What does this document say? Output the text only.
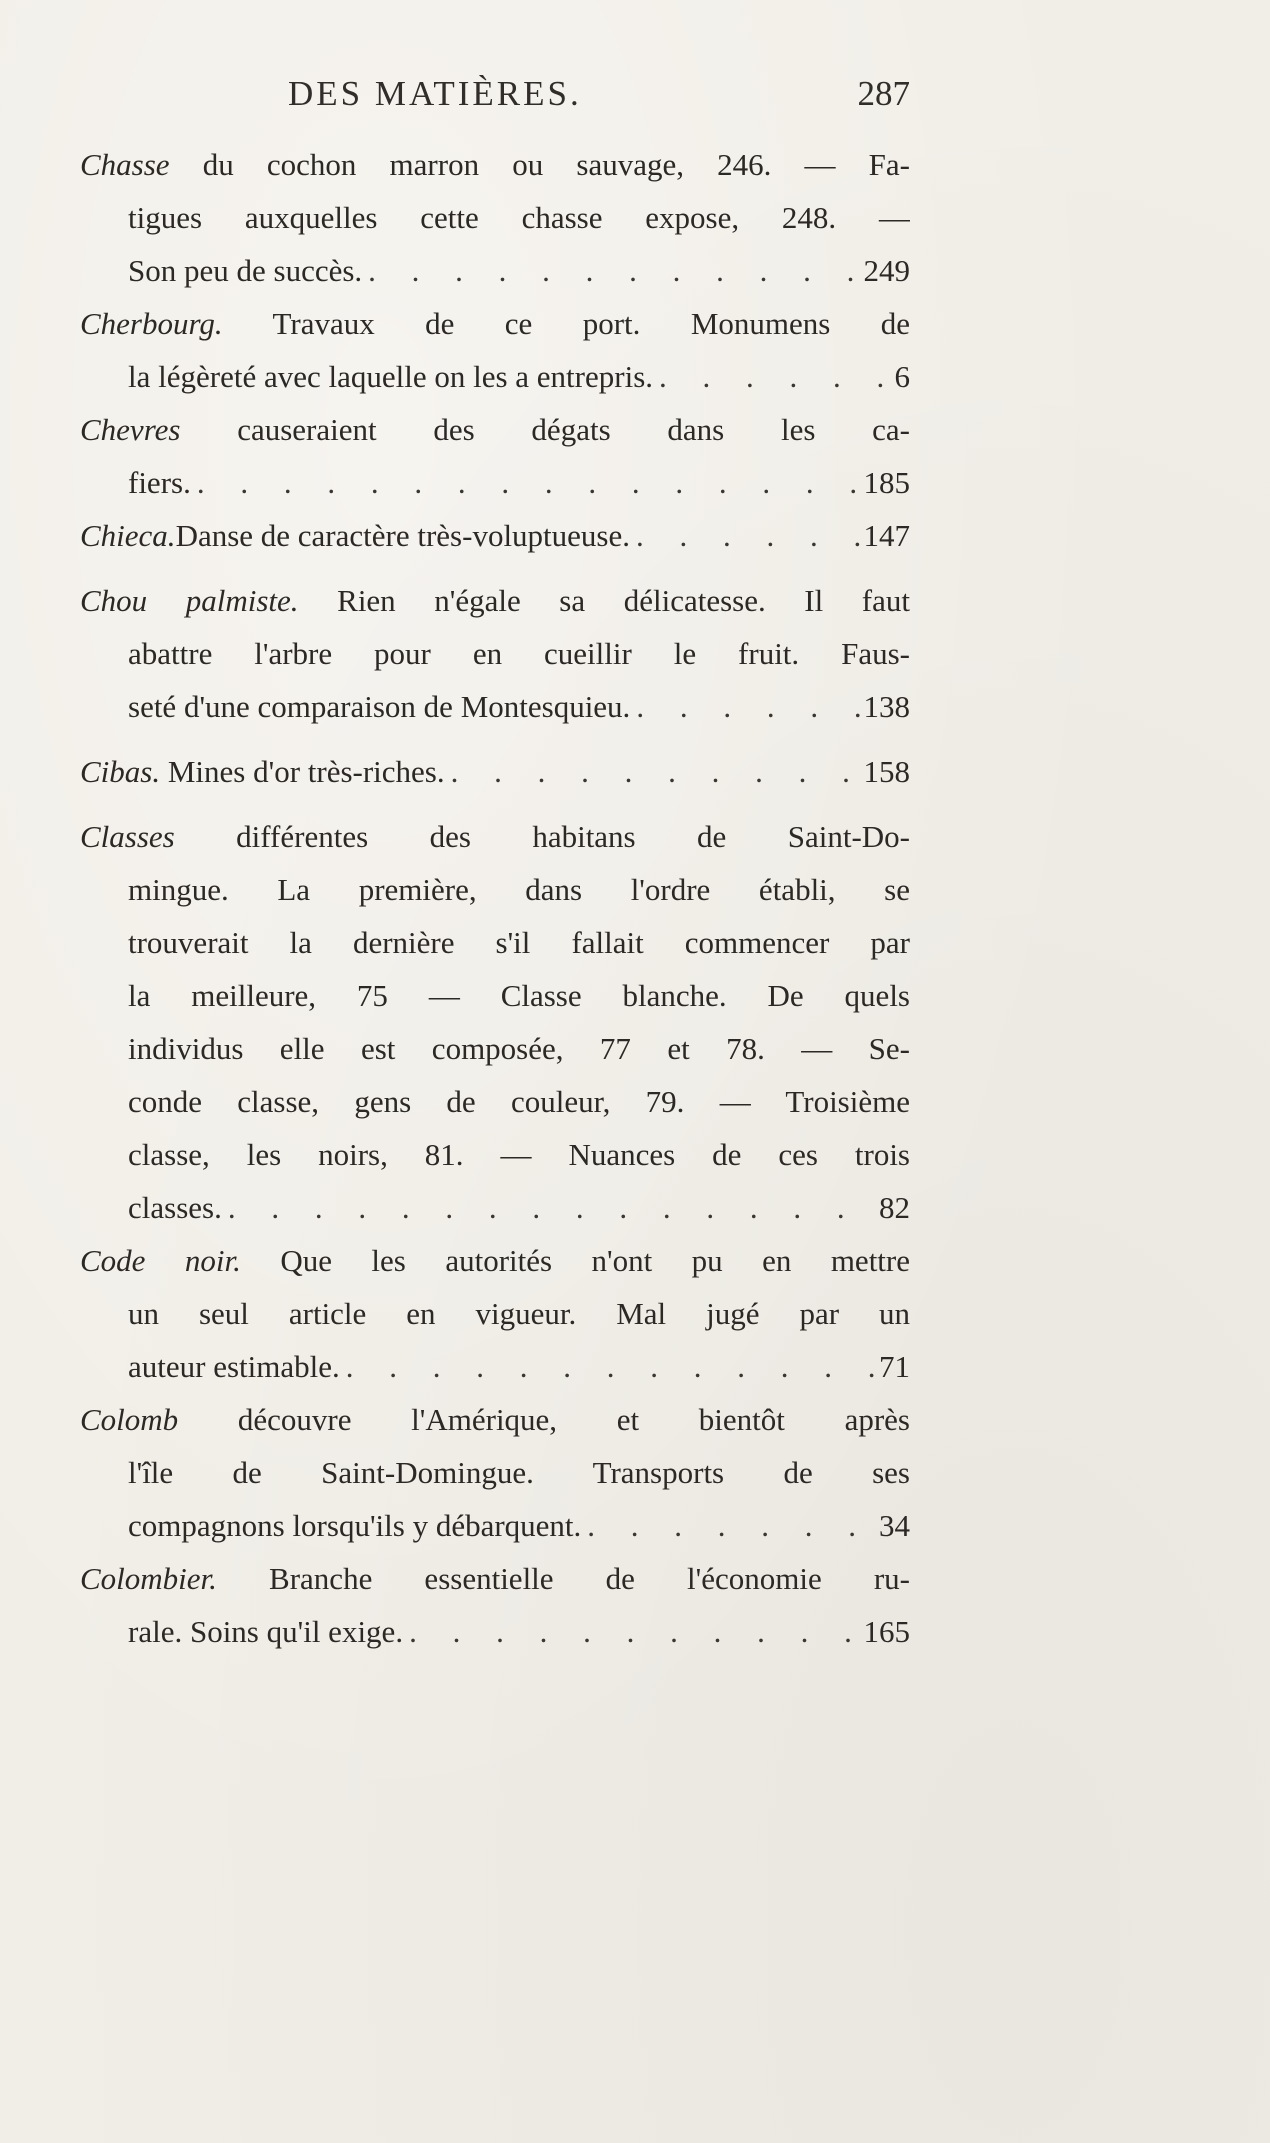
DES MATIÈRES.	287
Chasse du cochon marron ou sauvage, 246. — Fa-
tigues auxquelles cette chasse expose, 248. —
Son peu de succès. . . .	249
Cherbourg. Travaux de ce port. Monumens de
la légèreté avec laquelle on les a entrepris. . . .	6
Chevres causeraient des dégats dans les ca-
fiers. . . .	185
Chieca.Danse de caractère très-voluptueuse. . . .	147
Chou palmiste. Rien n'égale sa délicatesse. Il faut
abattre l'arbre pour en cueillir le fruit. Faus-
seté d'une comparaison de Montesquieu. . . .	138
Cibas. Mines d'or très-riches. . . .	158
Classes différentes des habitans de Saint-Do-
mingue. La première, dans l'ordre établi, se
trouverait la dernière s'il fallait commencer par
la meilleure, 75 — Classe blanche. De quels
individus elle est composée, 77 et 78. — Se-
conde classe, gens de couleur, 79. — Troisième
classe, les noirs, 81. — Nuances de ces trois
classes. . . .	82
Code noir. Que les autorités n'ont pu en mettre
un seul article en vigueur. Mal jugé par un
auteur estimable. . . .	71
Colomb découvre l'Amérique, et bientôt après
l'île de Saint-Domingue. Transports de ses
compagnons lorsqu'ils y débarquent. . . .	34
Colombier. Branche essentielle de l'économie ru-
rale. Soins qu'il exige. . . .	165
